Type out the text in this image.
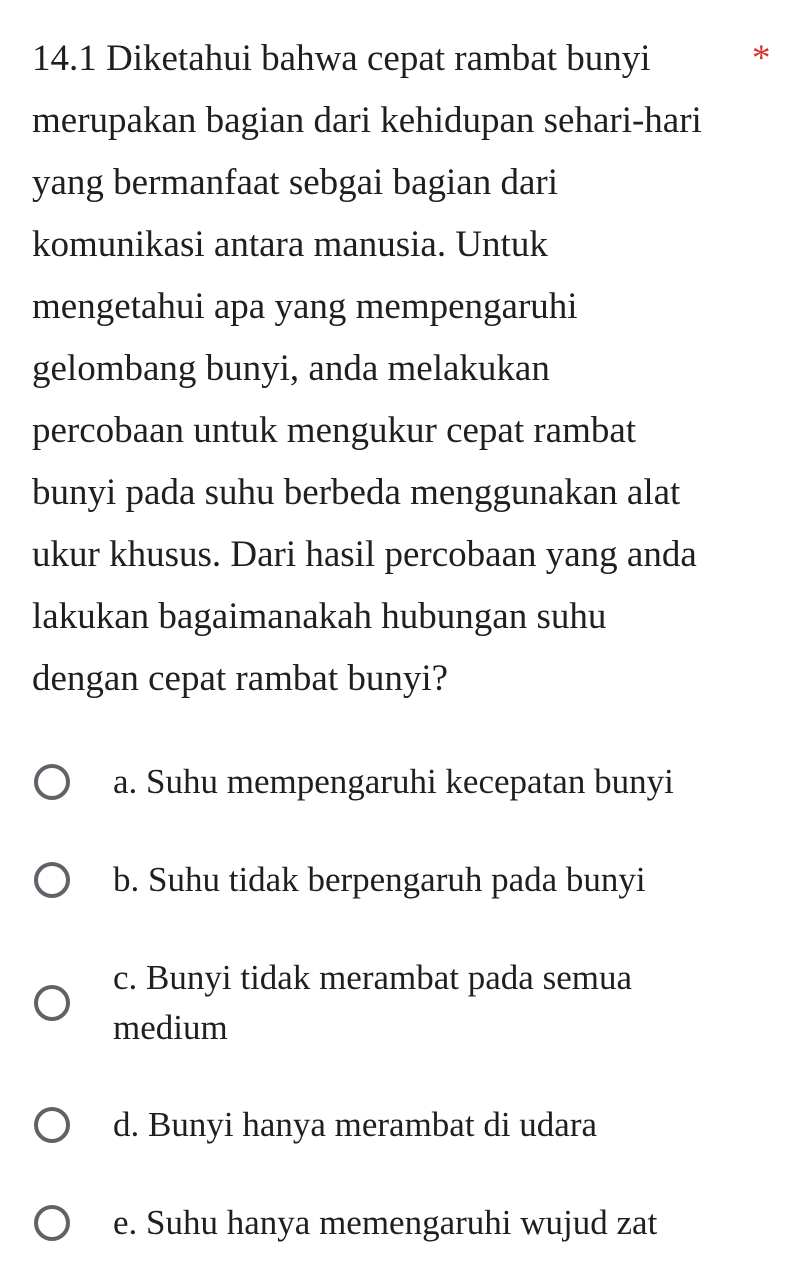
14.1 Diketahui bahwa cepat rambat bunyi
merupakan bagian dari kehidupan sehari-hari
yang bermanfaat sebgai bagian dari
komunikasi antara manusia. Untuk
mengetahui apa yang mempengaruhi
gelombang bunyi, anda melakukan
percobaan untuk mengukur cepat rambat
bunyi pada suhu berbeda menggunakan alat
ukur khusus. Dari hasil percobaan yang anda
lakukan bagaimanakah hubungan suhu
dengan cepat rambat bunyi?

*
a. Suhu mempengaruhi kecepatan bunyi
b. Suhu tidak berpengaruh pada bunyi
c. Bunyi tidak merambat pada semua
medium
d. Bunyi hanya merambat di udara
e. Suhu hanya memengaruhi wujud zat
